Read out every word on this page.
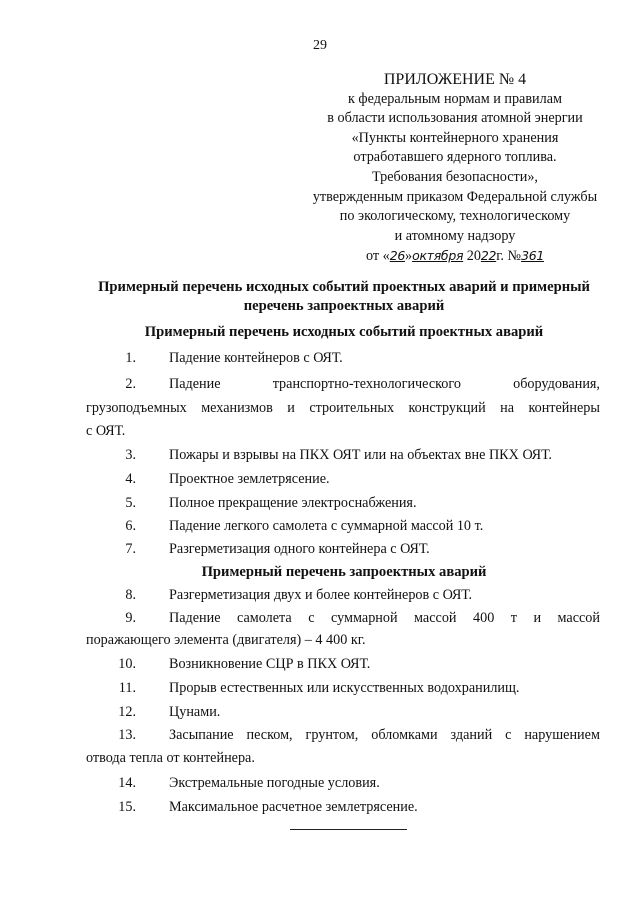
29
ПРИЛОЖЕНИЕ № 4
к федеральным нормам и правилам
в области использования атомной энергии
«Пункты контейнерного хранения
отработавшего ядерного топлива.
Требования безопасности»,
утвержденным приказом Федеральной службы
по экологическому, технологическому
и атомному надзору
от «26»октября 2022г. №361
Примерный перечень исходных событий проектных аварий и примерный
перечень запроектных аварий
Примерный перечень исходных событий проектных аварий
1. Падение контейнеров с ОЯТ.
2. Падение	транспортно-технологического	оборудования,
грузоподъемных механизмов и строительных конструкций на контейнеры
с ОЯТ.
3. Пожары и взрывы на ПКХ ОЯТ или на объектах вне ПКХ ОЯТ.
4. Проектное землетрясение.
5. Полное прекращение электроснабжения.
6. Падение легкого самолета с суммарной массой 10 т.
7. Разгерметизация одного контейнера с ОЯТ.
Примерный перечень запроектных аварий
8. Разгерметизация двух и более контейнеров с ОЯТ.
9. Падение самолета с суммарной массой 400 т и массой
поражающего элемента (двигателя) – 4 400 кг.
10. Возникновение СЦР в ПКХ ОЯТ.
11. Прорыв естественных или искусственных водохранилищ.
12. Цунами.
13. Засыпание песком, грунтом, обломками зданий с нарушением
отвода тепла от контейнера.
14. Экстремальные погодные условия.
15. Максимальное расчетное землетрясение.
